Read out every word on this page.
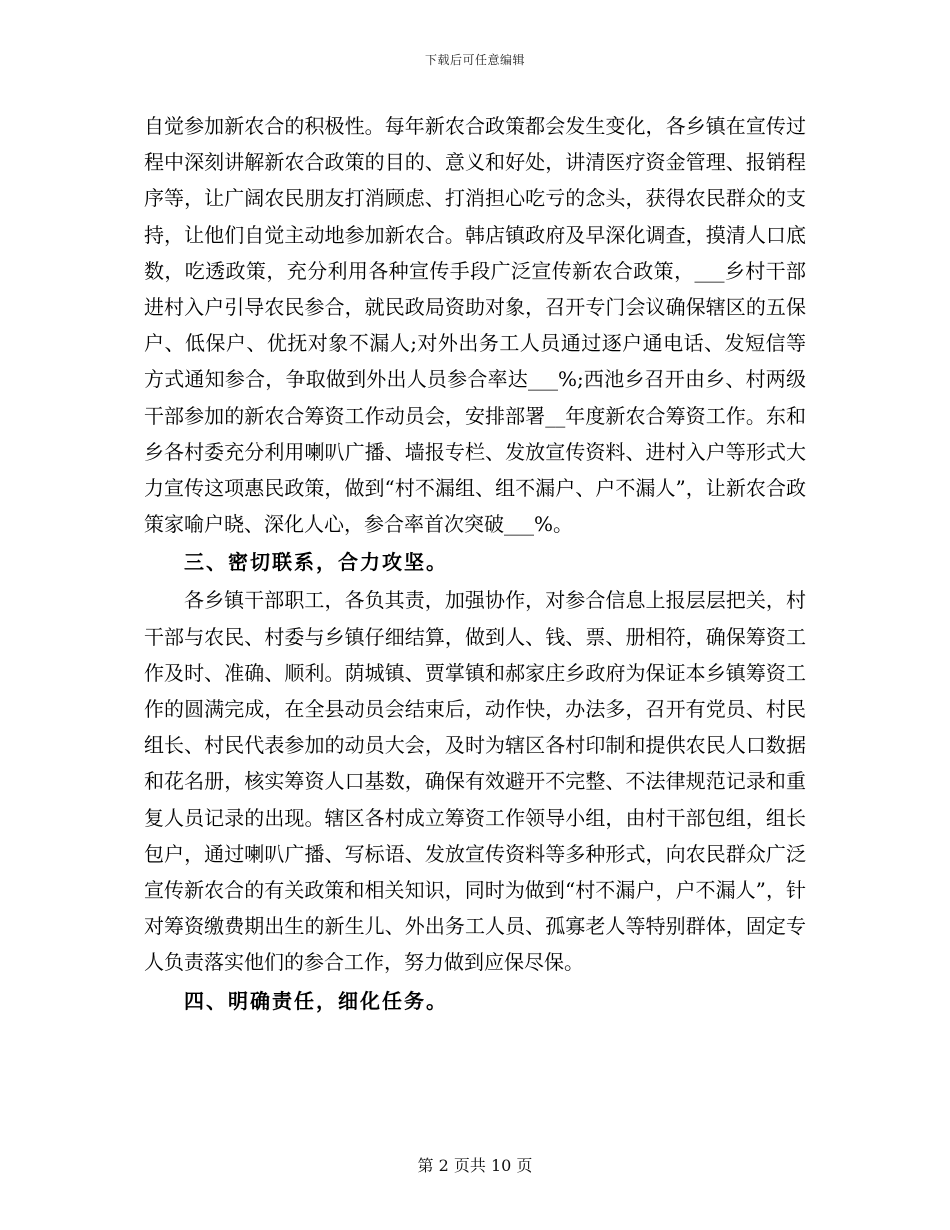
下载后可任意编辑

自觉参加新农合的积极性。每年新农合政策都会发生变化，各乡镇在宣传过程中深刻讲解新农合政策的目的、意义和好处，讲清医疗资金管理、报销程序等，让广阔农民朋友打消顾虑、打消担心吃亏的念头，获得农民群众的支持，让他们自觉主动地参加新农合。韩店镇政府及早深化调查，摸清人口底数，吃透政策，充分利用各种宣传手段广泛宣传新农合政策，___乡村干部进村入户引导农民参合，就民政局资助对象，召开专门会议确保辖区的五保户、低保户、优抚对象不漏人;对外出务工人员通过逐户通电话、发短信等方式通知参合，争取做到外出人员参合率达___%;西池乡召开由乡、村两级干部参加的新农合筹资工作动员会，安排部署__年度新农合筹资工作。东和乡各村委充分利用喇叭广播、墙报专栏、发放宣传资料、进村入户等形式大力宣传这项惠民政策，做到“村不漏组、组不漏户、户不漏人”，让新农合政策家喻户晓、深化人心，参合率首次突破___%。

三、密切联系，合力攻坚。

各乡镇干部职工，各负其责，加强协作，对参合信息上报层层把关，村干部与农民、村委与乡镇仔细结算，做到人、钱、票、册相符，确保筹资工作及时、准确、顺利。荫城镇、贾掌镇和郝家庄乡政府为保证本乡镇筹资工作的圆满完成，在全县动员会结束后，动作快，办法多，召开有党员、村民组长、村民代表参加的动员大会，及时为辖区各村印制和提供农民人口数据和花名册，核实筹资人口基数，确保有效避开不完整、不法律规范记录和重复人员记录的出现。辖区各村成立筹资工作领导小组，由村干部包组，组长包户，通过喇叭广播、写标语、发放宣传资料等多种形式，向农民群众广泛宣传新农合的有关政策和相关知识，同时为做到“村不漏户，户不漏人”，针对筹资缴费期出生的新生儿、外出务工人员、孤寡老人等特别群体，固定专人负责落实他们的参合工作，努力做到应保尽保。

四、明确责任，细化任务。

第 2 页共 10 页
